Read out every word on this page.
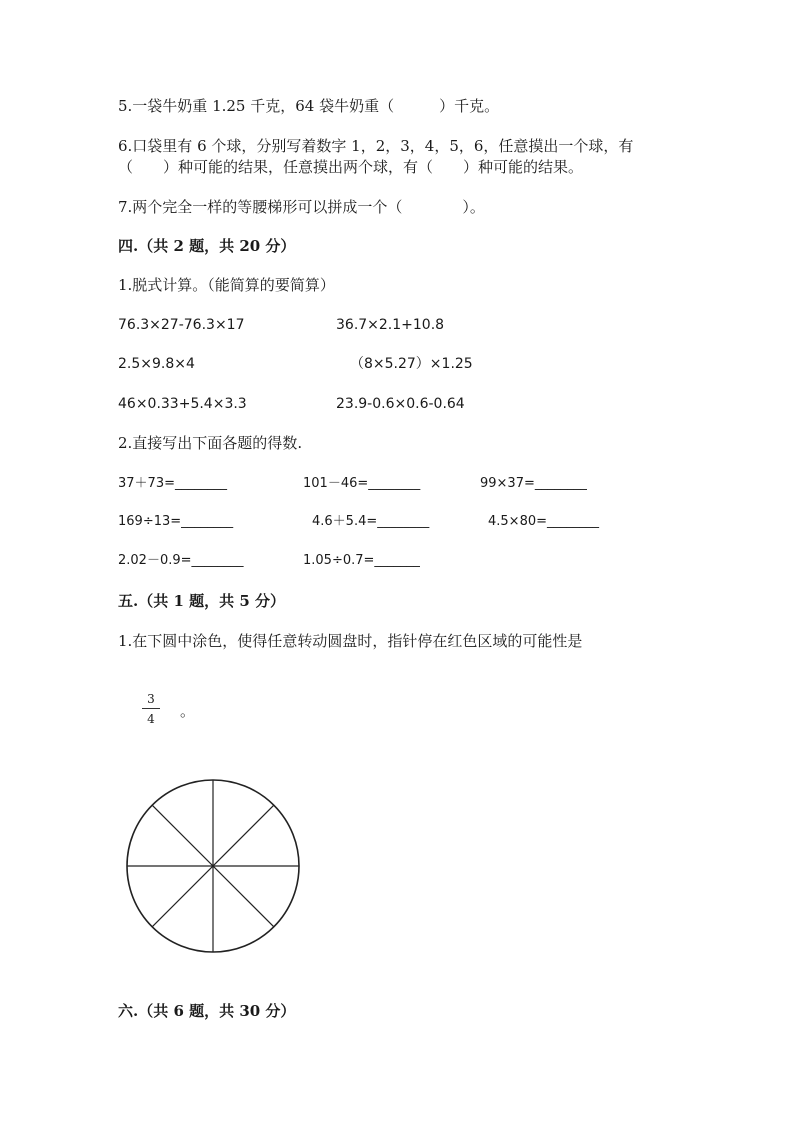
5.一袋牛奶重 1.25 千克，64 袋牛奶重（　　　）千克。
6.口袋里有 6 个球，分别写着数字 1，2，3，4，5，6，任意摸出一个球，有
（　　）种可能的结果，任意摸出两个球，有（　　）种可能的结果。
7.两个完全一样的等腰梯形可以拼成一个（　　　　）。
四.（共 2 题，共 20 分）
1.脱式计算。（能简算的要简算）
76.3×27-76.3×17	36.7×2.1+10.8
2.5×9.8×4	（8×5.27）×1.25
46×0.33+5.4×3.3	23.9-0.6×0.6-0.64
2.直接写出下面各题的得数.
37＋73=________	101－46=________	99×37=________
169÷13=________	4.6＋5.4=________	4.5×80=________
2.02－0.9=________	1.05÷0.7=_______
五.（共 1 题，共 5 分）
1.在下圆中涂色，使得任意转动圆盘时，指针停在红色区域的可能性是
3
4	。
六.（共 6 题，共 30 分）
